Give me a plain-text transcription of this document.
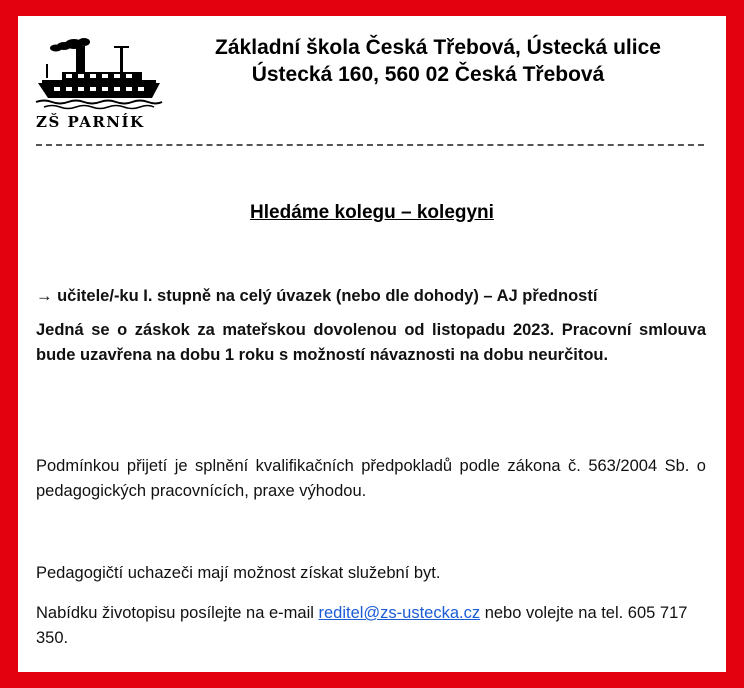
ZŠ PARNÍK
Základní škola Česká Třebová, Ústecká ulice
Ústecká 160, 560 02 Česká Třebová
Hledáme kolegu – kolegyni
→ učitele/-ku I. stupně na celý úvazek (nebo dle dohody) – AJ předností
Jedná se o záskok za mateřskou dovolenou od listopadu 2023. Pracovní smlouva bude uzavřena na dobu 1 roku s možností návaznosti na dobu neurčitou.
Podmínkou přijetí je splnění kvalifikačních předpokladů podle zákona č. 563/2004 Sb. o pedagogických pracovnících, praxe výhodou.
Pedagogičtí uchazeči mají možnost získat služební byt.
Nabídku životopisu posílejte na e-mail reditel@zs-ustecka.cz nebo volejte na tel. 605 717 350.
